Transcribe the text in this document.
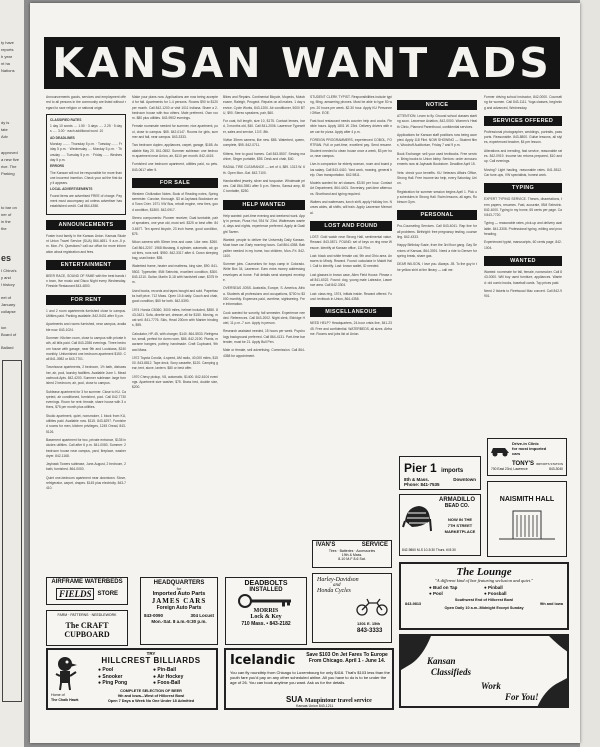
ty have
reports
h year
nt ha
Nations
dy is
tate
Adv
approved
a new five
rice. The
Parking
to bar on
ner of
in the
the
es
I China's
y and
l history
eet of
January
collapse
ion
Board of
Ballard
KANSAN WANT ADS
Announcements goods, services and employment offered to all persons in the community are listed without regard to race religion or national origin.
CLASSIFIED RATES
1 day 10 words .... 1.50 · 3 days ..... 2.25 · 5 days ..... 3.00 · each additional word .10
AD DEADLINES
Monday ........ Thursday 5 p.m. · Tuesday ....... Friday 5 p.m. · Wednesday .... Monday 5 p.m. · Thursday ..... Tuesday 5 p.m. · Friday ...... Wednesday 5 p.m.
ERRORS
The Kansan will not be responsible for more than one incorrect insertion. Check your ad the first day it appears.
LOCAL ADVERTISEMENTS
Found items are advertised FREE of charge. Payment must accompany ad unless advertiser has established credit. Call 864-4358.
ANNOUNCEMENTS
Foster host family in the Kansas Union. Kansas Student Union Travel Service (SUA) 864-4651. 9 a.m.-5 p.m. Mon.-Fri. Questions? call our office for more information about registration and fees.
ENTERTAINMENT
BEER RACE, SOUND OF FAME with the best bands in town, live music and Disco Night every Wednesday. Fireside Restaurant 843-4800.
FOR RENT
1 and 2 room apartments furnished close to campus. Utilities paid. Parking available. 842-5431 after 5 p.m.
Apartments and rooms furnished, near campus, available now. 843-1024.
Summer: Kitchen room, close to campus with private bath, all bills paid. Call 843-2286 evenings. Three bedroom house with garage, near 9th and Louisiana, $240 monthly. Unfurnished one bedroom apartment $150. Call 841-3982 or 843-7701.
Townhouse apartments, 2 bedroom, 1½ bath, dishwasher, air, pool, laundry facilities. Available June 1. Meadowbrook Apts. 842-4200. Summer sublease: large furnished 2 bedroom, air, pool, close to campus.
Sublease apartment for 3 for summer. Close to KU. Carpeted, air conditioned, furnished, pool. Call 842-7730 evenings. Room for rent: female, share house with 3 others, $75 per month plus utilities.
Studio apartment, quiet, nonsmoker, 1 block from KU, utilities paid. Available now. $115. 843-6297. Furnished rooms for men, kitchen privileges, 1245 Oread, 843-5126.
Basement apartment for two, private entrance, $135 includes utilities. Call after 6 p.m. 841-0083. Summer: 2 bedroom house near campus, yard, fireplace, washer dryer. 842-1168.
Jayhawk Towers sublease, June-August, 2 bedroom, 2 bath, furnished. 864-0000.
Quiet one-bedroom apartment near downtown. Stove, refrigerator, carpet, drapes. $145 plus electricity. 843-7410.
Make your plans now. Applications are now being accepted for fall. Apartments for 1-4 persons. Rooms $90 to $120 per month. Call 842-1200 or visit 1011 Indiana. Share a 2-bedroom house with two others. Male preferred. Own room. $80 plus utilities. 843-9902 evenings.
Female roommate needed for summer, nice apartment, pool, close to campus. $65. 842-0147. Rooms for girls, summer and fall, near campus. 843-3333.
Two bedroom duplex, appliances, carpet, garage, $185. Available May 20. 841-0552. Summer sublease: one bedroom apartment near Union, air, $110 per month. 842-4415.
Furnished one bedroom apartment, utilities paid, no pets. 843-0617 after 5.
FOR SALE
Western Civilization Notes. Book of Reading notes, Spring semester. Concise, thorough. $3 at Jayhawk Bookstore and Town Crier. 1971 VW Bus, rebuilt engine, new tires, good condition, $1800. 842-0917.
Stereo components: Pioneer receiver, Dual turntable, pair of speakers, one year old, must sell. $325 or best offer. 843-6677. Ten speed bicycle, 23 inch frame, good condition, $75.
Nikon camera with 50mm lens and case. Like new. $260. Call 864-2207. 1968 Mustang, 6 cylinder, automatic, air, good tires, runs well. $950. 842-3317 after 6. Down sleeping bag, used twice. $55.
Waterbed frame, heater and mattress, king size, $90. 841-5502. Typewriter, IBM Selectric, excellent condition, $300. 843-1210. Guitar, Martin D-18 with hardshell case, $375 firm.
Used books, records and tapes bought and sold. Paperbacks half price. 712 Mass. Open 10-6 daily. Couch and chair, good condition, $60 for both. 842-5390.
1974 Honda CB360, 3000 miles, helmet included, $850. 843-0421. Sofa, dinette set, dresser, all for $150. Moving, must sell. 841-7776. Skis, Head 200cm with Marker bindings, $95.
Calculator, HP-45, with charger, $140. 864-5533. Refrigerator, small, perfect for dorm room, $65. 842-2190. Plants, macrame hangers, pottery, handmade. Craft Cupboard, 9th and Mass.
1972 Toyota Corolla, 4-speed, AM radio, 40,000 miles, $1500. 843-8812. Tape deck, Sony cassette, $120. Camping gear, tent, stove, lantern. $80 or best offer.
1970 Chevy pickup, V8, automatic, $1400. 842-6104 evenings. Apartment size washer, $75. Brass bed, double size, $200.
Bikes and Repairs. Continental Bicycle, Mopeds, Motobecane, Raleigh, Peugeot. Repairs on all makes. 1 day service. Cycle Works, 843-1200. Air conditioner, 5000 BTU, $90. Stereo speakers, pair, $60.
Fur coat, full length, size 10, $175. Contact lenses, hard, 3 months old, $40. Call 841-2006. Lawrence Typewriter, sales and service, 13 E. 8th.
Vivitar 35mm camera, like new. $85. Waterbed, queen, complete, $95. 842-0711.
Kittens, free to good homes. Call 843-5507. Sewing machine, Singer portable, $55. Desk and chair, $40.
RADIAL TIRE CLEARANCE — set of 4, $89. 1313 W. 6th. Open Mon.-Sat. 842-7100.
Handcrafted jewelry, silver and turquoise. Wholesale prices. Call 864-3981 after 5 p.m. Stereo, Sansui amp, BIC turntable, $250.
HELP WANTED
Help wanted: part-time evening and weekend work. Apply in person, Pizza Hut, 934 W. 23rd. Waitresses wanted, days and nights, experience preferred. Apply at Gaslight Tavern.
Wanted: people to deliver the University Daily Kansan. Must have car. Early morning hours. Call 864-4358. Babysitter needed in my home, two children, Mon.-Fri. 842-1100.
Summer jobs. Counselors for boys camp in Colorado. Write Box 34, Lawrence. Earn extra money addressing envelopes at home. Full details send stamped envelope.
OVERSEAS JOBS. Australia, Europe, S. America, Africa. Students all professions and occupations, $700 to $3000 monthly. Expenses paid, overtime, sightseeing. Free information.
Cook wanted for sorority, fall semester. Experience needed. References. Call 843-2002. Night clerk, Eldridge Hotel, 11 p.m.-7 a.m. Apply in person.
Research assistant needed, 15 hours per week. Psychology background preferred. Call 864-4131. Part-time bartender, must be 21. Apply Bull Pen.
Male or female, sell advertising. Commission. Call 864-4358 for appointment.
STUDENT CLERK TYPIST. Responsibilities include typing, filing, answering phones. Must be able to type 50 wpm. 20 hours per week. $2.30 hour. Apply KU Personnel Office. EOE.
Fast food restaurant needs counter help and cooks. Flexible hours. Apply 1801 W. 23rd. Delivery drivers with own car for pizza. Apply after 4 p.m.
FOREIGN PROGRAMMERS, experienced COBOL, FORTRAN. Full or part-time, excellent pay. Send resume. Student needed to clean house once a week, $3 per hour, near campus.
Live-in companion for elderly woman, room and board plus salary. Call 843-4410. Yard work, mowing, general help. Own transportation. 842-9811.
Models wanted for art classes. $3.50 per hour. Contact Art Department, 864-4401. Secretary, part-time afternoons. Shorthand and typing required.
Waiters and waitresses, lunch shift, apply Holiday Inn. Nurses aides, all shifts, will train. Apply Lawrence Memorial.
LOST AND FOUND
LOST: Gold watch near Strong Hall, sentimental value. Reward. 843-0871. FOUND: set of keys on ring near Wescoe. Identify at Kansan office, 111 Flint.
Lost: black and white female cat, 9th and Ohio area. Answers to Mindy. Reward. Found: calculator in Malott Hall. Call to identify. Lost: brown wallet, ID needed.
Lost glasses in brown case, Allen Field House. Please call 841-6022. Found: dog, young male Labrador, Lawrence area. Call 842-3304.
Lost: class ring, 1974, initials inside. Reward offered. Found: textbook in Union, 864-4358.
MISCELLANEOUS
NEED HELP? Headquarters, 24-hour crisis line, 841-2345. Free and confidential. WATERBEDS, all sizes. Airframe. Rooms and jobs list at Union.
NOTICE
ATTENTION: Learn to fly. Ground school classes starting soon. Lawrence Aviation, 842-0000. Women's Health Clinic, Planned Parenthood, confidential services.
Applications for Kansan staff positions now being accepted. Apply 118 Flint. NOW SHOWING — Student films, Woodruff Auditorium, Friday 7 and 9 p.m.
Book Exchange: sell your used textbooks. Free service. Bring books to Union lobby. Seniors: order announcements now at Jayhawk Bookstore. Deadline April 15.
Vets: check your benefits. KU Veterans Affairs Office, Strong Hall. Free income tax help, every Saturday, Union.
Registration for summer session begins April 1. Pick up schedules in Strong Hall. Swim lessons, all ages, Robinson Gym.
PERSONAL
Pro-Counseling Services. Call 843-4041. Rap line for all problems. Birthright: free pregnancy testing, counseling. 842-4333.
Happy Birthday Susie, from the 3rd floor gang. Gay Services of Kansas, 864-3091. Need a ride to Denver for spring break, share gas.
DEAR WILSON, I love you. Always. JB. To the guy in the yellow shirt at the library — call me.
Former driving school instructor, 842-0000. Counseling for women. Call 843-1111. Yoga classes, beginning and advanced, Wednesday.
SERVICES OFFERED
Professional photographer, weddings, portraits, passports. Reasonable. 843-8800. Guitar lessons, all styles, experienced teacher, $4 per lesson.
Alterations and mending, fast service, reasonable rates. 842-0919. Income tax returns prepared, $10 and up. Call evenings.
Moving? Light hauling, reasonable rates. 841-5512. Car tune-ups, VW specialists, honest work.
TYPING
EXPERT TYPING SERVICE. Theses, dissertations, term papers, resumes. Fast, accurate, IBM Selectric. 842-4000. Typing in my home, 65 cents per page. Call 843-7720.
Typing — reasonable rates, pick-up and delivery available. 841-3308. Professional typing, editing and proofreading.
Experienced typist, manuscripts, 60 cents page, 842-1004.
WANTED
Wanted: roommate for fall, female, nonsmoker. Call 843-0000. Will buy used furniture, appliances. Wanted: old comic books, baseball cards. Top prices paid.
Need 2 tickets to Fleetwood Mac concert. Call 842-9901.
AIRFRAME WATERBEDS
FIELDS	STORE
FARM · PATTERNS · NEEDLEWORK
The CRAFT CUPBOARD
HEADQUARTERS
for
Imported Auto Parts
JAMES CARS
Foreign Auto Parts
843-0090	304 Locust
Mon.-Sat. 8 a.m.-5:30 p.m.
DEADBOLTS
INSTALLED
MORRIS
Lock & Key
710 Mass. • 843-2182
IVAN'S	SERVICE
Tires · Batteries · Accessories
19th & Mass.
8-10 M-F 8-6 Sat.
Harley-Davidson
and
Honda Cycles
1301 E. 15th
843-3333
Pier 1 imports
8th & Mass.	Downtown
Phone: 841-7535
Drive-in Clinic
for most imported
cars
TONY'S IMPORTS STATION
700 East 23rd, Lawrence	843-3040
ARMADILLO
BEAD CO.
NOW IN THE
7TH STREET
MARKETPLACE
842-9860 M-S 10-5:30 Thurs. til 8:30
NAISMITH HALL
The Lounge
"A different kind of bar featuring seclusion and quiet."
● Bud on Tap	● Pinball
● Pool	● Foosball
Southwest End of Hillcrest Bowl
843-9813	9th and Iowa
Open Daily 10 a.m.-Midnight Except Sunday
Kansan
Classifieds
Work
For You!
Home of
The Chalk Hawk
TRY
HILLCREST BILLIARDS
● Pool	● Pin-Ball
● Snooker	● Air Hockey
● Ping Pong	● Foos-Ball
COMPLETE SELECTION OF BEER
9th and Iowa—West of Hillcrest Bowl
Open 7 Days a Week No One Under 18 Admitted
Icelandic	Save $103 On Jet Fares To Europe
From Chicago. April 1 - June 14.
You can fly roundtrip from Chicago to Luxembourg for only $416. That's $103 less than the youth fare you'd pay on any other scheduled airline. All you have to do is to be under the age of 26. You can book anytime you want. Ask us for the details.
SUA Maupintour travel service
Kansas Union 843-1211
